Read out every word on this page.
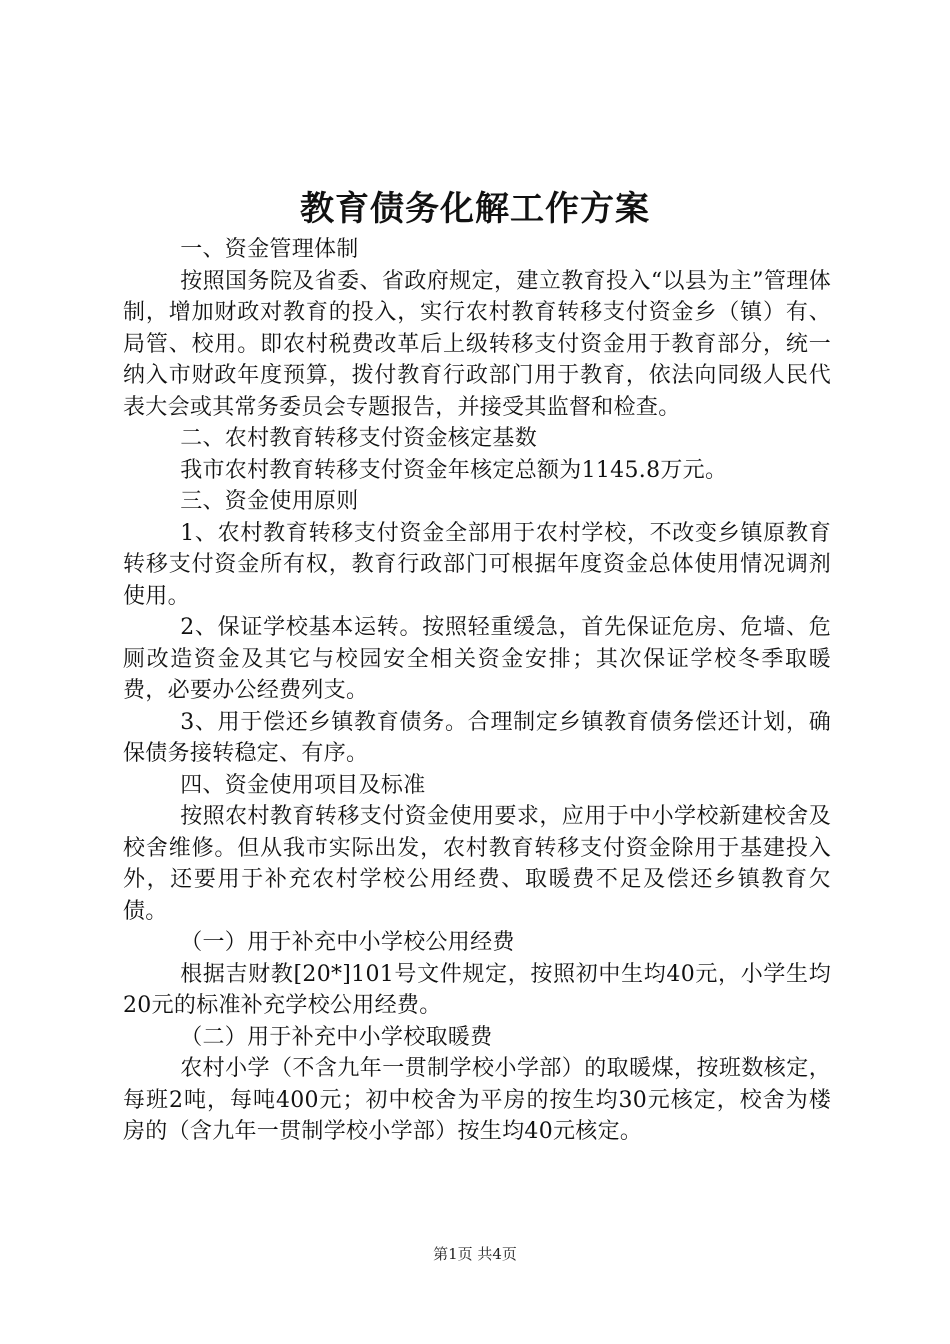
教育债务化解工作方案

一、资金管理体制

按照国务院及省委、省政府规定，建立教育投入“以县为主”管理体制，增加财政对教育的投入，实行农村教育转移支付资金乡（镇）有、局管、校用。即农村税费改革后上级转移支付资金用于教育部分，统一纳入市财政年度预算，拨付教育行政部门用于教育，依法向同级人民代表大会或其常务委员会专题报告，并接受其监督和检查。

二、农村教育转移支付资金核定基数

我市农村教育转移支付资金年核定总额为1145.8万元。

三、资金使用原则

1、农村教育转移支付资金全部用于农村学校，不改变乡镇原教育转移支付资金所有权，教育行政部门可根据年度资金总体使用情况调剂使用。

2、保证学校基本运转。按照轻重缓急，首先保证危房、危墙、危厕改造资金及其它与校园安全相关资金安排；其次保证学校冬季取暖费，必要办公经费列支。

3、用于偿还乡镇教育债务。合理制定乡镇教育债务偿还计划，确保债务接转稳定、有序。

四、资金使用项目及标准

按照农村教育转移支付资金使用要求，应用于中小学校新建校舍及校舍维修。但从我市实际出发，农村教育转移支付资金除用于基建投入外，还要用于补充农村学校公用经费、取暖费不足及偿还乡镇教育欠债。

（一）用于补充中小学校公用经费

根据吉财教[20*]101号文件规定，按照初中生均40元，小学生均20元的标准补充学校公用经费。

（二）用于补充中小学校取暖费

农村小学（不含九年一贯制学校小学部）的取暖煤，按班数核定，每班2吨，每吨400元；初中校舍为平房的按生均30元核定，校舍为楼房的（含九年一贯制学校小学部）按生均40元核定。

第1页 共4页
